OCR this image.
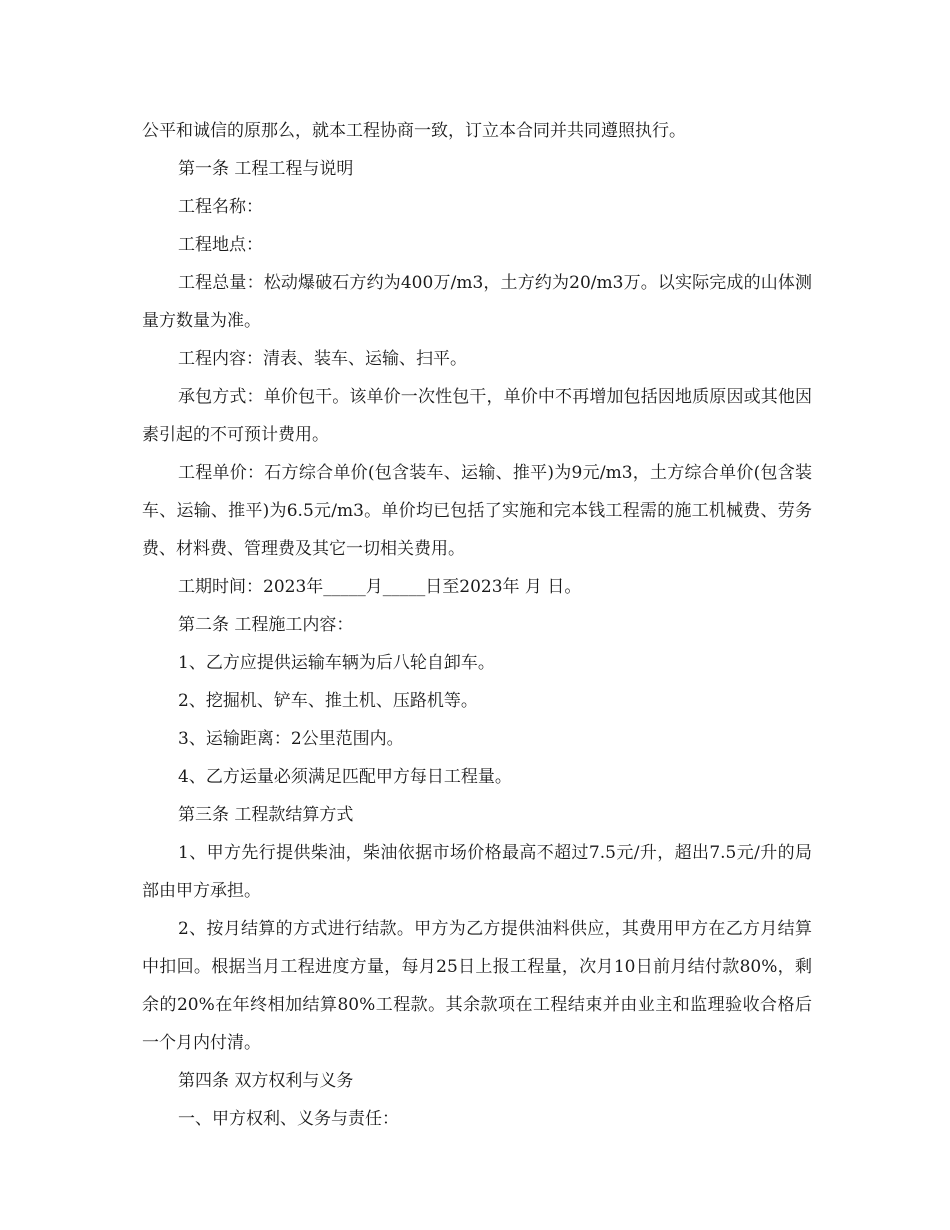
公平和诚信的原那么，就本工程协商一致，订立本合同并共同遵照执行。

第一条 工程工程与说明

工程名称：

工程地点：

工程总量：松动爆破石方约为400万/m3，土方约为20/m3万。以实际完成的山体测量方数量为准。

工程内容：清表、装车、运输、扫平。

承包方式：单价包干。该单价一次性包干，单价中不再增加包括因地质原因或其他因素引起的不可预计费用。

工程单价：石方综合单价(包含装车、运输、推平)为9元/m3，土方综合单价(包含装车、运输、推平)为6.5元/m3。单价均已包括了实施和完本钱工程需的施工机械费、劳务费、材料费、管理费及其它一切相关费用。

工期时间：2023年_____月_____日至2023年 月 日。

第二条 工程施工内容：

1、乙方应提供运输车辆为后八轮自卸车。

2、挖掘机、铲车、推土机、压路机等。

3、运输距离：2公里范围内。

4、乙方运量必须满足匹配甲方每日工程量。

第三条 工程款结算方式

1、甲方先行提供柴油，柴油依据市场价格最高不超过7.5元/升，超出7.5元/升的局部由甲方承担。

2、按月结算的方式进行结款。甲方为乙方提供油料供应，其费用甲方在乙方月结算中扣回。根据当月工程进度方量，每月25日上报工程量，次月10日前月结付款80%，剩余的20%在年终相加结算80%工程款。其余款项在工程结束并由业主和监理验收合格后一个月内付清。

第四条 双方权利与义务

一、甲方权利、义务与责任：
